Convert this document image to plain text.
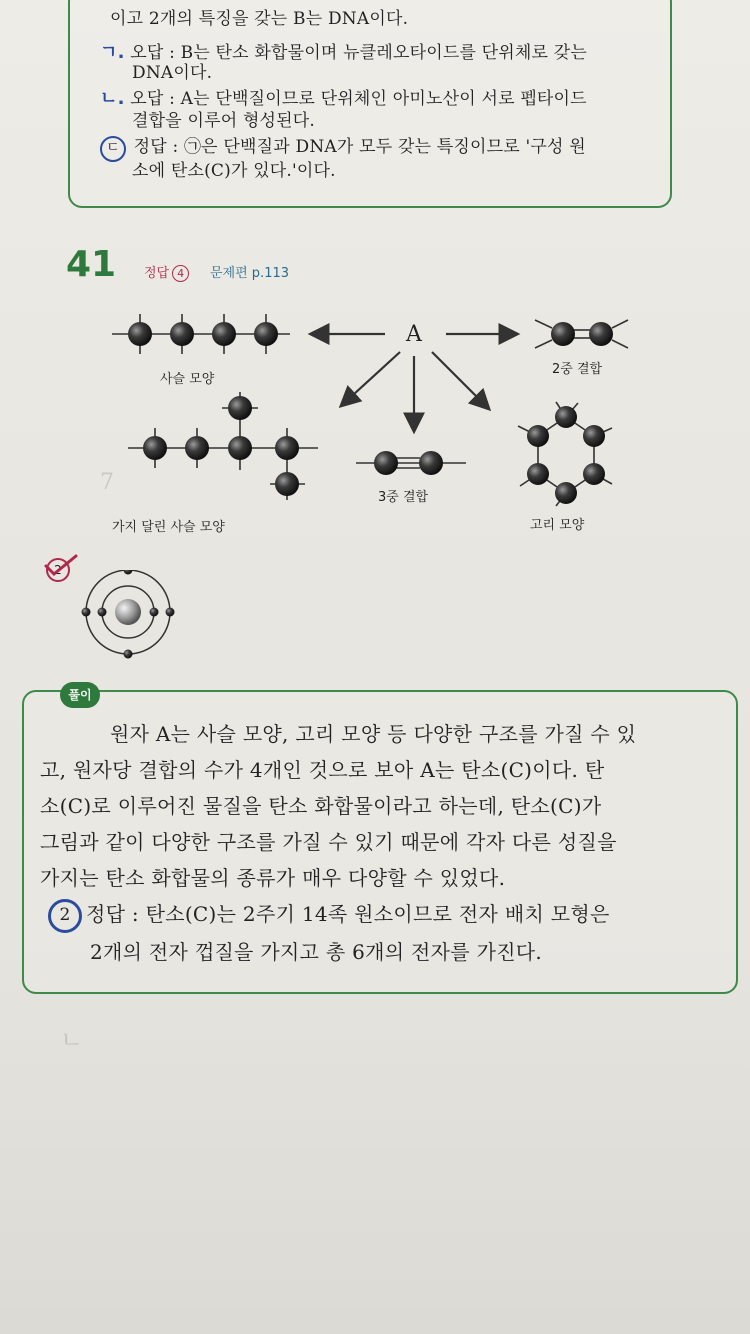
이고 2개의 특징을 갖는 B는 DNA이다.
ㄱ. 오답 : B는 탄소 화합물이며 뉴클레오타이드를 단위체로 갖는
DNA이다.
ㄴ. 오답 : A는 단백질이므로 단위체인 아미노산이 서로 펩타이드
결합을 이루어 형성된다.
ㄷ 정답 : ㉠은 단백질과 DNA가 모두 갖는 특징이므로 '구성 원
소에 탄소(C)가 있다.'이다.
41 정답 4	문제편 p.113
A
사슬 모양
2중 결합
가지 달린 사슬 모양
3중 결합
고리 모양
2
7
ㄴ
풀이
원자 A는 사슬 모양, 고리 모양 등 다양한 구조를 가질 수 있
고, 원자당 결합의 수가 4개인 것으로 보아 A는 탄소(C)이다. 탄
소(C)로 이루어진 물질을 탄소 화합물이라고 하는데, 탄소(C)가
그림과 같이 다양한 구조를 가질 수 있기 때문에 각자 다른 성질을
가지는 탄소 화합물의 종류가 매우 다양할 수 있었다.
2 정답 : 탄소(C)는 2주기 14족 원소이므로 전자 배치 모형은
2개의 전자 껍질을 가지고 총 6개의 전자를 가진다.
